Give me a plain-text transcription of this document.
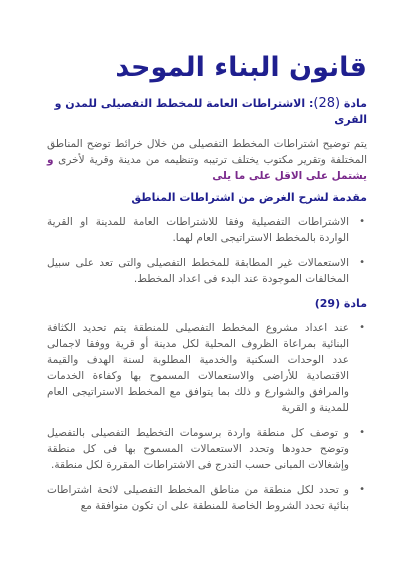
قانون البناء الموحد
مادة (28): الاشتراطات العامة للمخطط التفصيلى للمدن و القرى

يتم توضيح اشتراطات المخطط التفصيلى من خلال خرائط توضح المناطق المختلفة وتقرير مكتوب يختلف ترتيبه وتنظيمه من مدينة وقرية لأخرى و يشتمل على الاقل على ما يلى

مقدمة لشرح الغرض من اشتراطات المناطق
•
الاشتراطات التفصيلية وفقا للاشتراطات العامة للمدينة او القرية الواردة بالمخطط الاستراتيجى العام لهما.
•
الاستعمالات غير المطابقة للمخطط التفصيلى والتى تعد على سبيل المخالفات الموجودة عند البدء فى اعداد المخطط.
مادة (29)
•
عند اعداد مشروع المخطط التفصيلى للمنطقة يتم تحديد الكثافة البنائية بمراعاة الظروف المحلية لكل مدينة أو قرية ووفقا لاجمالى عدد الوحدات السكنية والخدمية المطلوبة لسنة الهدف والقيمة الاقتصادية للأراضى والاستعمالات المسموح بها وكفاءة الخدمات والمرافق والشوارع و ذلك بما يتوافق مع المخطط الاستراتيجى العام للمدينة و القرية
•
و توصف كل منطقة واردة برسومات التخطيط التفصيلى بالتفصيل وتوضح حدودها وتحدد الاستعمالات المسموح بها فى كل منطقة وإشغالات المبانى حسب التدرج فى الاشتراطات المقررة لكل منطقة.
•
و تحدد لكل منطقة من مناطق المخطط التفصيلى لائحة اشتراطات بنائية تحدد الشروط الخاصة للمنطقة على ان تكون متوافقة مع
